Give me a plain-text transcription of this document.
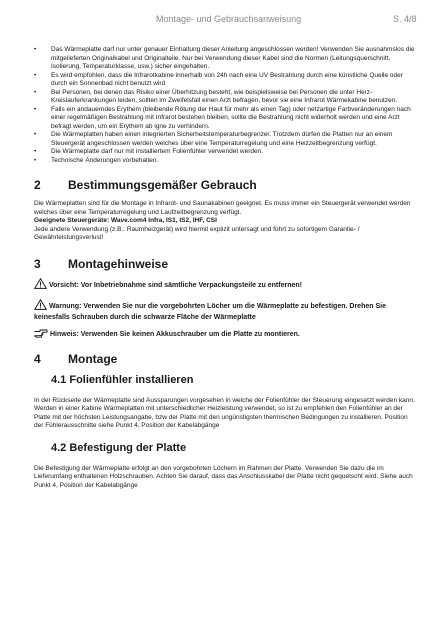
Montage- und Gebrauchsanweisung	S. 4/8
• Das Wärmeplatte darf nur unter genauer Einhaltung dieser Anleitung angeschlossen werden! Verwenden Sie ausnahmslos die mitgelieferten Originalkabel und Originalteile. Nur bei Verwendung dieser Kabel sind die Normen (Leitungsquerschnitt, Isolierung, Temperaturklasse, usw.) sicher eingehalten.
• Es wird empfohlen, dass die Infrarotkabine innerhalb von 24h nach eine UV Bestrahlung durch eine künstliche Quelle oder durch ein Sonnenbad nicht benutzt wird
• Bei Personen, bei denen das Risiko einer Überhitzung besteht, wie beispielsweise bei Personen die unter Herz-Kreislauferkrankungen leiden, sollten im Zweifelsfall einen Arzt befragen, bevor sie eine Infrarot Wärmekabine benutzen.
• Falls ein andauerndes Erythem (bleibende Rötung der Haut für mehr als einen Tag) oder netzartige Farbveränderungen nach einer regelmäßigen Bestrahlung mit Infrarot bestehen bleiben, sollte die Bestrahlung nicht widerholt werden und eine Arzt befragt werden, um ein Erythem ab igne zu verhindern.
• Die Wärmeplatten haben einen integrierten Sicherheitstemperaturbegrenzer. Trotzdem dürfen die Platten nur an einem Steuergerät angeschlossen werden welches über eine Temperaturregelung und eine Heizzeitbegrenzung verfügt.
• Die Wärmeplatte darf nur mit installiertem Folienfühler verwendet werden.
• Technische Änderungen vorbehalten.
2 Bestimmungsgemäßer Gebrauch

Die Wärmeplatten sind für die Montage in Infrarot- und Saunakabinen geeignet. Es muss immer ein Steuergerät verwendet werden welches über eine Temperaturregelung und Laufzeitbegrenzung verfügt.

Geeignete Steuergeräte: Wave.com4 Infra, IS1, IS2, IHF, CSI

Jede andere Verwendung (z.B.: Raumheizgerät) wird hiermit explizit untersagt und führt zu sofortigem Garantie- / Gewährleistungsverlust!

3 Montagehinweise

Vorsicht: Vor Inbetriebnahme sind sämtliche Verpackungsteile zu entfernen!

Warnung: Verwenden Sie nur die vorgebohrten Löcher um die Wärmeplatte zu befestigen. Drehen Sie keinesfalls Schrauben durch die schwarze Fläche der Wärmeplatte

Hinweis: Verwenden Sie keinen Akkuschrauber um die Platte zu montieren.

4 Montage
4.1 Folienfühler installieren

In der Rückseite der Wärmeplatte sind Aussparungen vorgesehen in welche der Folienfühler der Steuerung eingesetzt werden kann.

Werden in einer Kabine Wärmeplatten mit unterschiedlicher Heizleistung verwendet, so ist zu empfehlen den Folienfühler an der Platte mit der höchsten Leistungsangabe, bzw der Platte mit den ungünstigsten thermischen Bedingungen zu installieren. Position der Fühlerausschnitte siehe Punkt 4, Position der Kabelabgänge

4.2 Befestigung der Platte

Die Befestigung der Wärmeplatte erfolgt an den vorgebohrten Löchern im Rahmen der Platte. Verwenden Sie dazu die im Lieferumfang enthaltenen Holzschrauben. Achten Sie darauf, dass das Anschlusskabel der Platte nicht gequetscht wird. Siehe auch Punkt 4, Position der Kabelabgänge
